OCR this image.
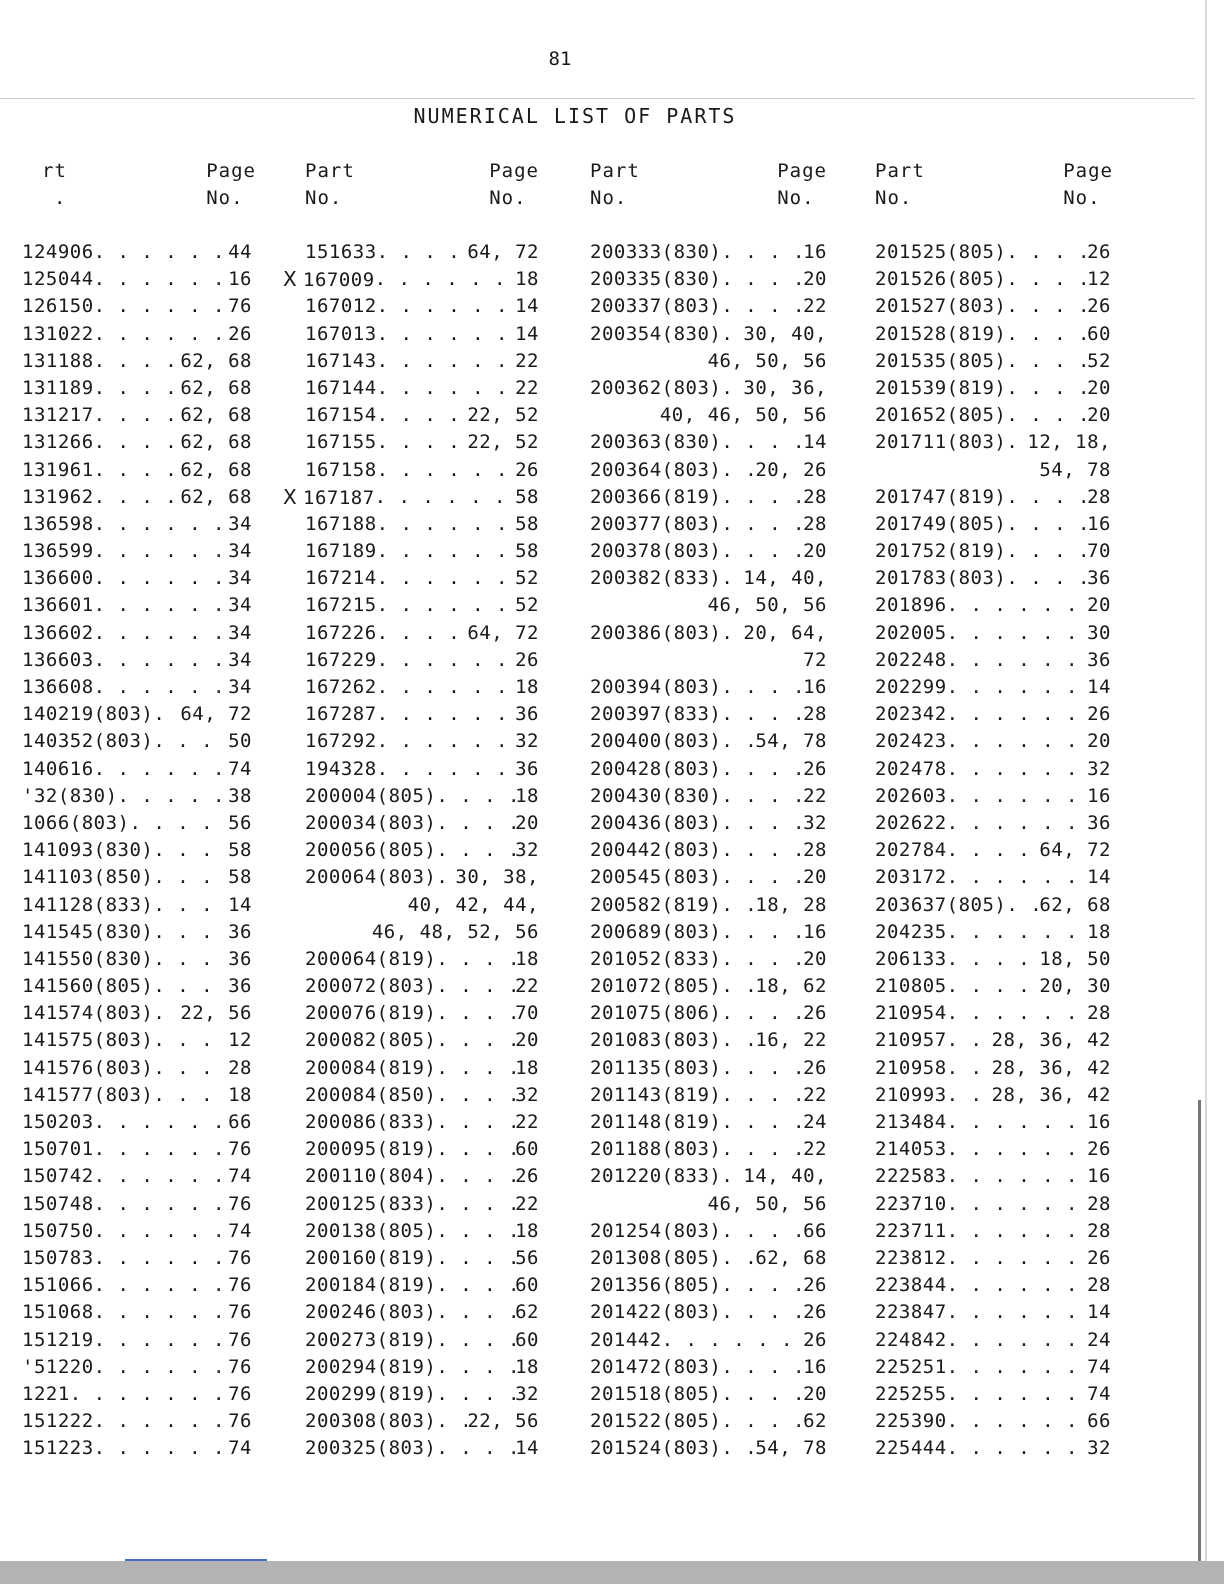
81
NUMERICAL LIST OF PARTS
rt
.
Page
No.
124906 . . .	44
125044 . . .	16
126150 . . .	76
131022 . . .	26
131188 . . .	62, 68
131189 . . .	62, 68
131217 . . .	62, 68
131266 . . .	62, 68
131961 . . .	62, 68
131962 . . .	62, 68
136598 . . .	34
136599 . . .	34
136600 . . .	34
136601 . . .	34
136602 . . .	34
136603 . . .	34
136608 . . .	34
140219(803) . . . 64, 72
140352(803) . . .	50
140616 . . .	74
'32(830) . . .	38
1066(803) . . .	56
141093(830) . . .	58
141103(850) . . .	58
141128(833) . . .	14
141545(830) . . .	36
141550(830) . . .	36
141560(805) . . .	36
141574(803) . . . 22, 56
141575(803) . . .	12
141576(803) . . .	28
141577(803) . . .	18
150203 . . .	66
150701 . . .	76
150742 . . .	74
150748 . . .	76
150750 . . .	74
150783 . . .	76
151066 . . .	76
151068 . . .	76
151219 . . .	76
'51220 . . .	76
1221 . . .	76
151222 . . .	76
151223 . . .	74
Part
No.
Page
No.
151633 . . .	64, 72
X 167009 . . .	18
167012 . . .	14
167013 . . .	14
167143 . . .	22
167144 . . .	22
167154 . . .	22, 52
167155 . . .	22, 52
167158 . . .	26
X 167187 . . .	58
167188 . . .	58
167189 . . .	58
167214 . . .	52
167215 . . .	52
167226 . . .	64, 72
167229 . . .	26
167262 . . .	18
167287 . . .	36
167292 . . .	32
194328 . . .	36
200004(805) . . .	18
200034(803) . . .	20
200056(805) . . .	32
200064(803) . . . 30, 38,
40, 42, 44,
46, 48, 52, 56
200064(819) . . .	18
200072(803) . . .	22
200076(819) . . .	70
200082(805) . . .	20
200084(819) . . .	18
200084(850) . . .	32
200086(833) . . .	22
200095(819) . . .	60
200110(804) . . .	26
200125(833) . . .	22
200138(805) . . .	18
200160(819) . . .	56
200184(819) . . .	60
200246(803) . . .	62
200273(819) . . .	60
200294(819) . . .	18
200299(819) . . .	32
200308(803) . . . 22, 56
200325(803) . . .	14
Part
No.
Page
No.
200333(830) . . .	16
200335(830) . . .	20
200337(803) . . .	22
200354(830) . . . 30, 40,
46, 50, 56
200362(803) . . . 30, 36,
40, 46, 50, 56
200363(830) . . .	14
200364(803) . . . 20, 26
200366(819) . . .	28
200377(803) . . .	28
200378(803) . . .	20
200382(833) . . . 14, 40,
46, 50, 56
200386(803) . . . 20, 64,
72
200394(803) . . .	16
200397(833) . . .	28
200400(803) . . . 54, 78
200428(803) . . .	26
200430(830) . . .	22
200436(803) . . .	32
200442(803) . . .	28
200545(803) . . .	20
200582(819) . . . 18, 28
200689(803) . . .	16
201052(833) . . .	20
201072(805) . . . 18, 62
201075(806) . . .	26
201083(803) . . . 16, 22
201135(803) . . .	26
201143(819) . . .	22
201148(819) . . .	24
201188(803) . . .	22
201220(833) . . . 14, 40,
46, 50, 56
201254(803) . . .	66
201308(805) . . . 62, 68
201356(805) . . .	26
201422(803) . . .	26
201442 . . .	26
201472(803) . . .	16
201518(805) . . .	20
201522(805) . . .	62
201524(803) . . . 54, 78
Part
No.
Page
No.
201525(805) . . .	26
201526(805) . . .	12
201527(803) . . .	26
201528(819) . . .	60
201535(805) . . .	52
201539(819) . . .	20
201652(805) . . .	20
201711(803) . . . 12, 18,
54, 78
201747(819) . . .	28
201749(805) . . .	16
201752(819) . . .	70
201783(803) . . .	36
201896 . . .	20
202005 . . .	30
202248 . . .	36
202299 . . .	14
202342 . . .	26
202423 . . .	20
202478 . . .	32
202603 . . .	16
202622 . . .	36
202784 . . .	64, 72
203172 . . .	14
203637(805) . . . 62, 68
204235 . . .	18
206133 . . .	18, 50
210805 . . .	20, 30
210954 . . .	28
210957 . . . 28, 36, 42
210958 . . . 28, 36, 42
210993 . . . 28, 36, 42
213484 . . .	16
214053 . . .	26
222583 . . .	16
223710 . . .	28
223711 . . .	28
223812 . . .	26
223844 . . .	28
223847 . . .	14
224842 . . .	24
225251 . . .	74
225255 . . .	74
225390 . . .	66
225444 . . .	32
